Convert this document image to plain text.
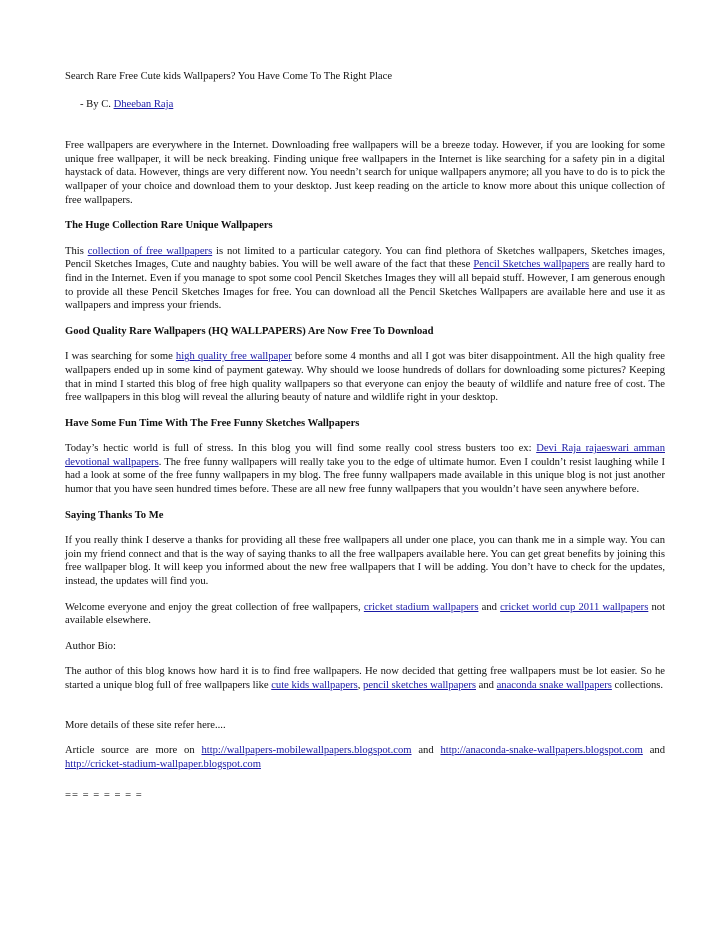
Search Rare Free Cute kids Wallpapers? You Have Come To The Right Place

- By C. Dheeban Raja

Free wallpapers are everywhere in the Internet. Downloading free wallpapers will be a breeze today. However, if you are looking for some unique free wallpaper, it will be neck breaking. Finding unique free wallpapers in the Internet is like searching for a safety pin in a digital haystack of data. However, things are very different now. You needn’t search for unique wallpapers anymore; all you have to do is to pick the wallpaper of your choice and download them to your desktop. Just keep reading on the article to know more about this unique collection of free wallpapers.

The Huge Collection Rare Unique Wallpapers

This collection of free wallpapers is not limited to a particular category. You can find plethora of Sketches wallpapers, Sketches images, Pencil Sketches Images, Cute and naughty babies. You will be well aware of the fact that these Pencil Sketches wallpapers are really hard to find in the Internet. Even if you manage to spot some cool Pencil Sketches Images they will all bepaid stuff. However, I am generous enough to provide all these Pencil Sketches Images for free. You can download all the Pencil Sketches Wallpapers are available here and use it as wallpapers and impress your friends.

Good Quality Rare Wallpapers (HQ WALLPAPERS) Are Now Free To Download

I was searching for some high quality free wallpaper before some 4 months and all I got was biter disappointment. All the high quality free wallpapers ended up in some kind of payment gateway. Why should we loose hundreds of dollars for downloading some pictures? Keeping that in mind I started this blog of free high quality wallpapers so that everyone can enjoy the beauty of wildlife and nature free of cost. The free wallpapers in this blog will reveal the alluring beauty of nature and wildlife right in your desktop.

Have Some Fun Time With The Free Funny Sketches Wallpapers

Today’s hectic world is full of stress. In this blog you will find some really cool stress busters too ex: Devi Raja rajaeswari amman devotional wallpapers. The free funny wallpapers will really take you to the edge of ultimate humor. Even I couldn’t resist laughing while I had a look at some of the free funny wallpapers in my blog. The free funny wallpapers made available in this unique blog is not just another humor that you have seen hundred times before. These are all new free funny wallpapers that you wouldn’t have seen anywhere before.

Saying Thanks To Me

If you really think I deserve a thanks for providing all these free wallpapers all under one place, you can thank me in a simple way. You can join my friend connect and that is the way of saying thanks to all the free wallpapers available here. You can get great benefits by joining this free wallpaper blog. It will keep you informed about the new free wallpapers that I will be adding. You don’t have to check for the updates, instead, the updates will find you.

Welcome everyone and enjoy the great collection of free wallpapers, cricket stadium wallpapers and cricket world cup 2011 wallpapers not available elsewhere.

Author Bio:

The author of this blog knows how hard it is to find free wallpapers. He now decided that getting free wallpapers must be lot easier. So he started a unique blog full of free wallpapers like cute kids wallpapers, pencil sketches wallpapers and anaconda snake wallpapers collections.

More details of these site refer here....

Article source are more on http://wallpapers-mobilewallpapers.blogspot.com and http://anaconda-snake-wallpapers.blogspot.com and http://cricket-stadium-wallpaper.blogspot.com

== = = = = = =
